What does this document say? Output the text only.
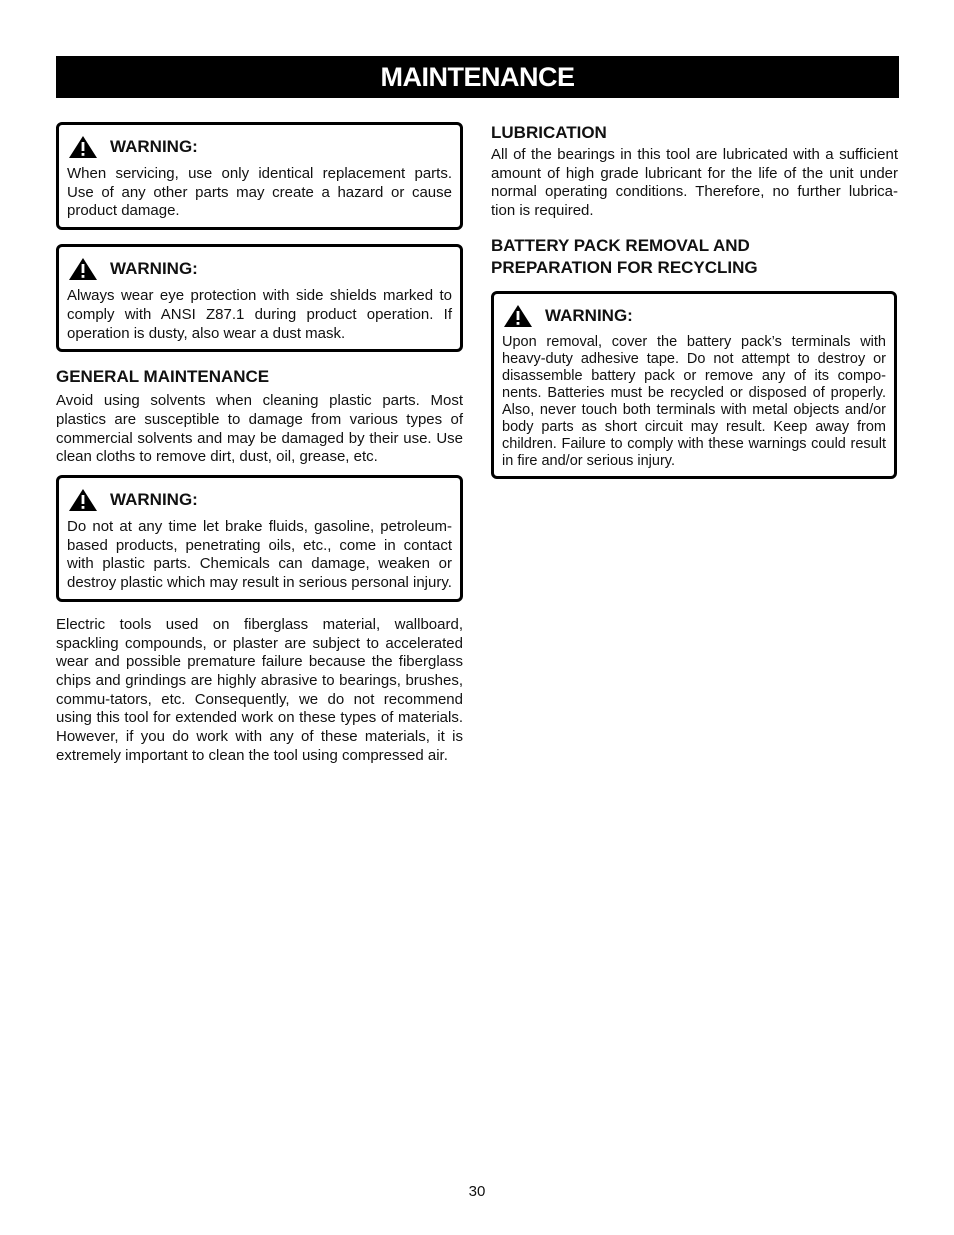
MAINTENANCE
WARNING:

When servicing, use only identical replacement parts. Use of any other parts may create a hazard or cause product damage.

WARNING:

Always wear eye protection with side shields marked to comply with ANSI Z87.1 during product operation. If operation is dusty, also wear a dust mask.

GENERAL MAINTENANCE

Avoid using solvents when cleaning plastic parts. Most plastics are susceptible to damage from various types of commercial solvents and may be damaged by their use. Use clean cloths to remove dirt, dust, oil, grease, etc.

WARNING:

Do not at any time let brake fluids, gasoline, petroleum-based products, penetrating oils, etc., come in contact with plastic parts. Chemicals can damage, weaken or destroy plastic which may result in serious personal injury.

Electric tools used on fiberglass material, wallboard, spackling compounds, or plaster are subject to accelerated wear and possible premature failure because the fiberglass chips and grindings are highly abrasive to bearings, brushes, commu-tators, etc. Consequently, we do not recommend using this tool for extended work on these types of materials. However, if you do work with any of these materials, it is extremely important to clean the tool using compressed air.

LUBRICATION

All of the bearings in this tool are lubricated with a sufficient amount of high grade lubricant for the life of the unit under normal operating conditions. Therefore, no further lubrica-tion is required.

BATTERY PACK REMOVAL AND
PREPARATION FOR RECYCLING
WARNING:

Upon removal, cover the battery pack’s terminals with heavy-duty adhesive tape. Do not attempt to destroy or disassemble battery pack or remove any of its compo-nents. Batteries must be recycled or disposed of properly. Also, never touch both terminals with metal objects and/or body parts as short circuit may result. Keep away from children. Failure to comply with these warnings could result in fire and/or serious injury.

30
